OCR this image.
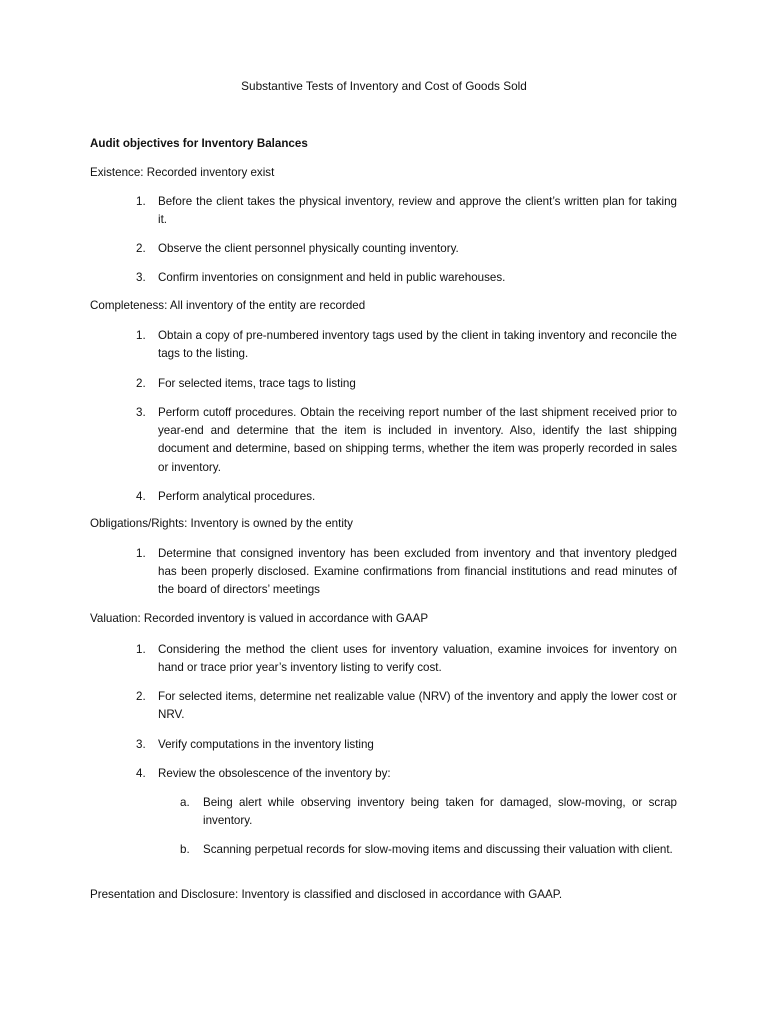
Substantive Tests of Inventory and Cost of Goods Sold
Audit objectives for Inventory Balances
Existence: Recorded inventory exist
1. Before the client takes the physical inventory, review and approve the client’s written plan for taking it.
2. Observe the client personnel physically counting inventory.
3. Confirm inventories on consignment and held in public warehouses.
Completeness: All inventory of the entity are recorded
1. Obtain a copy of pre-numbered inventory tags used by the client in taking inventory and reconcile the tags to the listing.
2. For selected items, trace tags to listing
3. Perform cutoff procedures. Obtain the receiving report number of the last shipment received prior to year-end and determine that the item is included in inventory. Also, identify the last shipping document and determine, based on shipping terms, whether the item was properly recorded in sales or inventory.
4. Perform analytical procedures.
Obligations/Rights: Inventory is owned by the entity
1. Determine that consigned inventory has been excluded from inventory and that inventory pledged has been properly disclosed. Examine confirmations from financial institutions and read minutes of the board of directors’ meetings
Valuation: Recorded inventory is valued in accordance with GAAP
1. Considering the method the client uses for inventory valuation, examine invoices for inventory on hand or trace prior year’s inventory listing to verify cost.
2. For selected items, determine net realizable value (NRV) of the inventory and apply the lower cost or NRV.
3. Verify computations in the inventory listing
4. Review the obsolescence of the inventory by:
a. Being alert while observing inventory being taken for damaged, slow-moving, or scrap inventory.
b. Scanning perpetual records for slow-moving items and discussing their valuation with client.
Presentation and Disclosure: Inventory is classified and disclosed in accordance with GAAP.
